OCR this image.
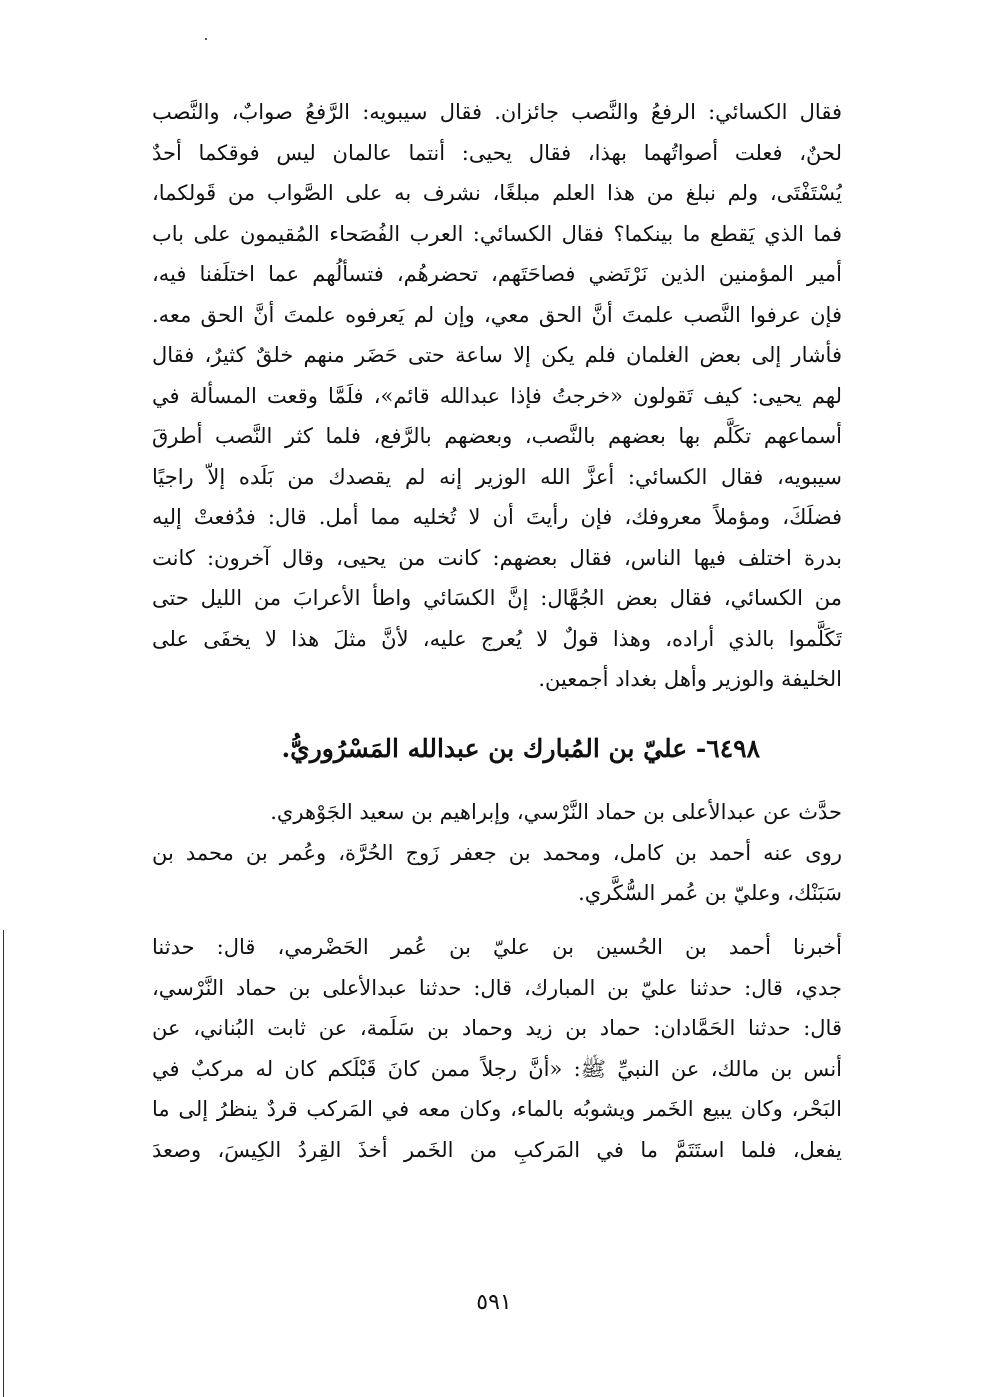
فقال الكسائي: الرفعُ والنَّصب جائزان. فقال سيبويه: الرَّفعُ صوابٌ، والنَّصب
لحنٌ، فعلت أصواتُهما بهذا، فقال يحيى: أنتما عالمان ليس فوقكما أحدٌ
يُسْتَفْتَى، ولم نبلغ من هذا العلم مبلغًا، نشرف به على الصَّواب من قَولكما،
فما الذي يَقطع ما بينكما؟ فقال الكسائي: العرب الفُصَحاء المُقيمون على باب
أمير المؤمنين الذين نَرْتَضي فصاحَتَهم، تحضرهُم، فتسألُهم عما اختلَفنا فيه،
فإن عرفوا النَّصب علمتَ أنَّ الحق معي، وإن لم يَعرفوه علمتَ أنَّ الحق معه.
فأشار إلى بعض الغلمان فلم يكن إلا ساعة حتى حَضَر منهم خلقٌ كثيرٌ، فقال
لهم يحيى: كيف تَقولون «خرجتُ فإذا عبدالله قائم»، فلَمَّا وقعت المسألة في
أسماعهم تكَلَّم بها بعضهم بالنَّصب، وبعضهم بالرَّفع، فلما كثر النَّصب أطرقَ
سيبويه، فقال الكسائي: أعزَّ الله الوزير إنه لم يقصدك من بَلَده إلاّ راجيًا
فضلَكَ، ومؤملاً معروفك، فإن رأيتَ أن لا تُخليه مما أمل. قال: فدُفعتْ إليه
بدرة اختلف فيها الناس، فقال بعضهم: كانت من يحيى، وقال آخرون: كانت
من الكسائي، فقال بعض الجُهَّال: إنَّ الكسَائي واطأ الأعرابَ من الليل حتى
تَكَلَّموا بالذي أراده، وهذا قولٌ لا يُعرج عليه، لأنَّ مثلَ هذا لا يخفَى على
الخليفة والوزير وأهل بغداد أجمعين.
٦٤٩٨- عليّ بن المُبارك بن عبدالله المَسْرُوريُّ.
حدَّث عن عبدالأعلى بن حماد النَّرْسي، وإبراهيم بن سعيد الجَوْهري.
روى عنه أحمد بن كامل، ومحمد بن جعفر زَوج الحُرَّة، وعُمر بن محمد بن
سَبَنْك، وعليّ بن عُمر السُّكَّري.
أخبرنا أحمد بن الحُسين بن عليّ بن عُمر الحَضْرمي، قال: حدثنا
جدي، قال: حدثنا عليّ بن المبارك، قال: حدثنا عبدالأعلى بن حماد النَّرْسي،
قال: حدثنا الحَمَّادان: حماد بن زيد وحماد بن سَلَمة، عن ثابت البُناني، عن
أنس بن مالك، عن النبيِّ ﷺ: «أنَّ رجلاً ممن كانَ قَبْلَكم كان له مركبٌ في
البَحْر، وكان يبيع الخَمر ويشوبُه بالماء، وكان معه في المَركب قردٌ ينظرُ إلى ما
يفعل، فلما استَتَمَّ ما في المَركبِ من الخَمر أخذَ القِردُ الكِيسَ، وصعدَ
٥٩١
